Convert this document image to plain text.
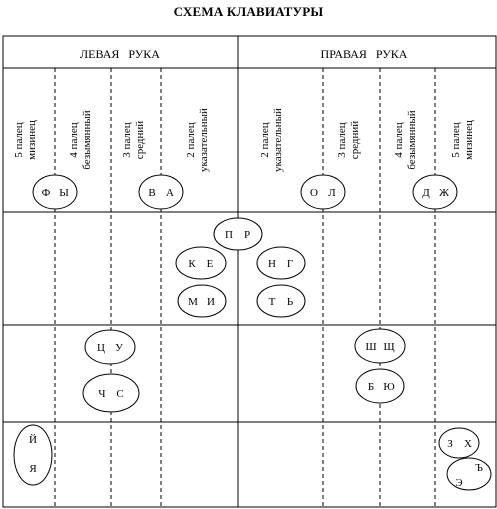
СХЕМА КЛАВИАТУРЫ
ЛЕВАЯ   РУКА	ПРАВАЯ   РУКА
5 палец мизинец	4 палец безымянный	3 палец средний	2 палец указательный	2 палец указательный	3 палец средний	4 палец безымянный	5 палец мизинец
Ф Ы	В А	О Л	Д Ж
П Р
К Е	Н Г
М И	Т Ь
Ц У	Ш Щ
Ч С
Б Ю
Й
Я
З Х
Ъ
Э
